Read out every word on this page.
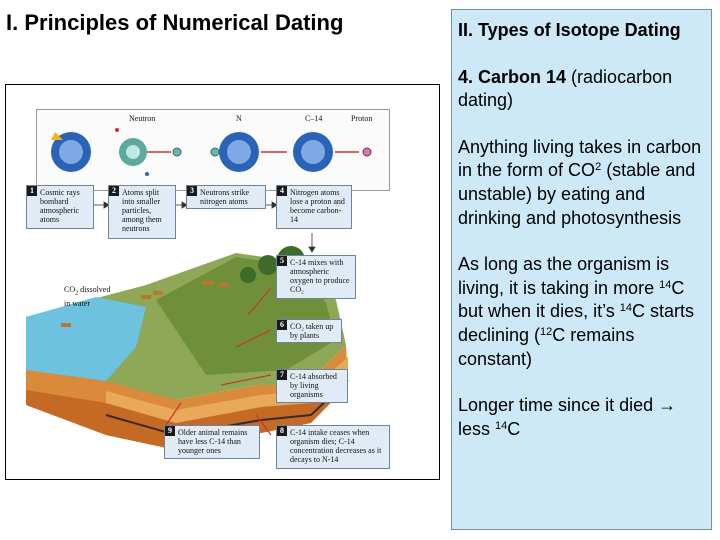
I. Principles of Numerical Dating
Neutron	N	C–14	Proton
1 Cosmic rays bombard atmospheric atoms
2 Atoms split into smaller particles, among them neutrons
3 Neutrons strike nitrogen atoms
4 Nitrogen atoms lose a proton and become carbon-14
5 C-14 mixes with atmospheric oxygen to produce CO₂
6 CO₂ taken up by plants
7 C-14 absorbed by living organisms
8 C-14 intake ceases when organism dies; C-14 concentration decreases as it decays to N-14
9 Older animal remains have less C-14 than younger ones
$CO_2$ dissolved
in water

II. Types of Isotope Dating

4. Carbon 14 (radiocarbon dating)

Anything living takes in carbon in the form of $CO^2$ (stable and unstable) by eating and drinking and photosynthesis

As long as the organism is living, it is taking in more $^{14}$C but when it dies, it’s $^{14}$C starts declining ($^{12}$C remains constant)

Longer time since it died → less $^{14}$C
